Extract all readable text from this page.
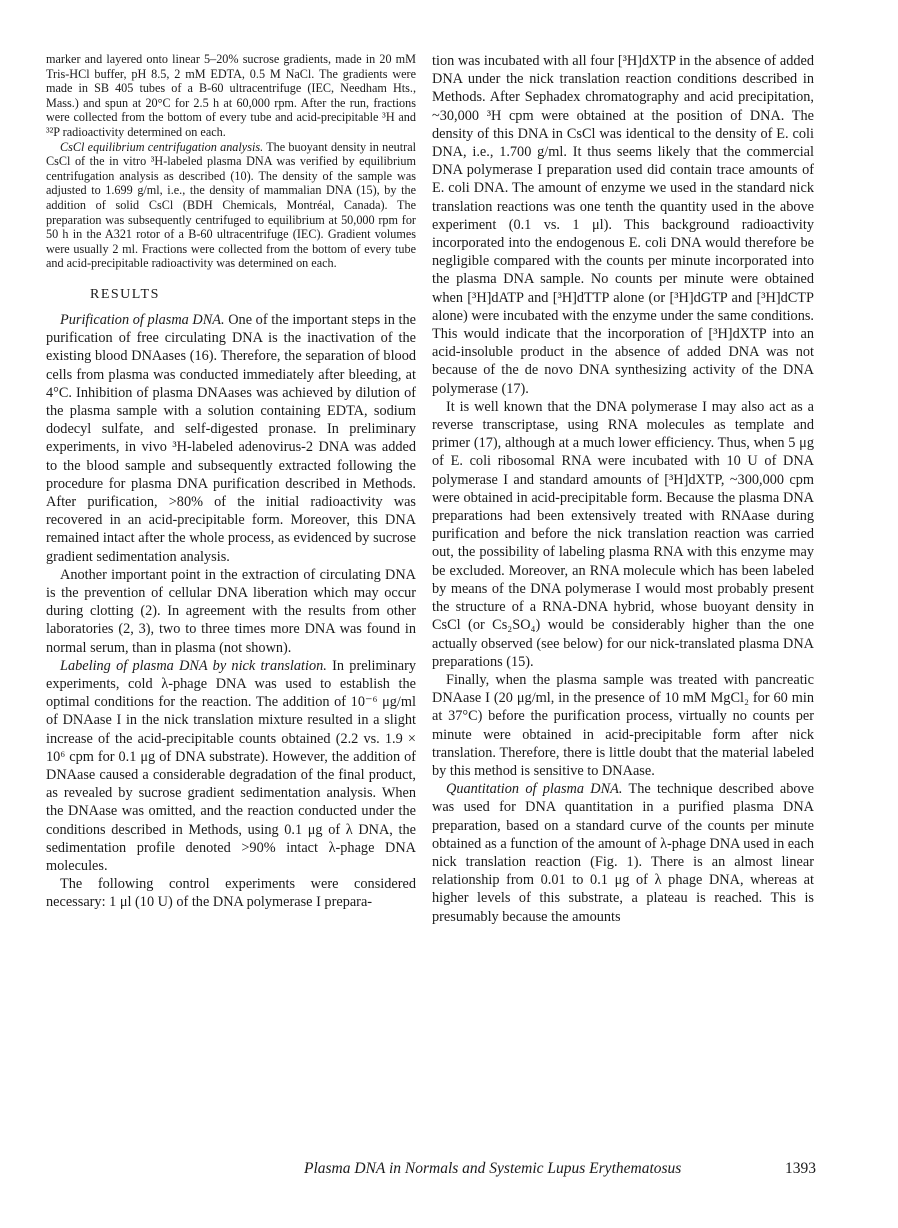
marker and layered onto linear 5–20% sucrose gradients, made in 20 mM Tris-HCl buffer, pH 8.5, 2 mM EDTA, 0.5 M NaCl. The gradients were made in SB 405 tubes of a B-60 ultracentrifuge (IEC, Needham Hts., Mass.) and spun at 20°C for 2.5 h at 60,000 rpm. After the run, fractions were collected from the bottom of every tube and acid-precipitable ³H and ³²P radioactivity determined on each.

CsCl equilibrium centrifugation analysis. The buoyant density in neutral CsCl of the in vitro ³H-labeled plasma DNA was verified by equilibrium centrifugation analysis as described (10). The density of the sample was adjusted to 1.699 g/ml, i.e., the density of mammalian DNA (15), by the addition of solid CsCl (BDH Chemicals, Montréal, Canada). The preparation was subsequently centrifuged to equilibrium at 50,000 rpm for 50 h in the A321 rotor of a B-60 ultracentrifuge (IEC). Gradient volumes were usually 2 ml. Fractions were collected from the bottom of every tube and acid-precipitable radioactivity was determined on each.

RESULTS

Purification of plasma DNA. One of the important steps in the purification of free circulating DNA is the inactivation of the existing blood DNAases (16). Therefore, the separation of blood cells from plasma was conducted immediately after bleeding, at 4°C. Inhibition of plasma DNAases was achieved by dilution of the plasma sample with a solution containing EDTA, sodium dodecyl sulfate, and self-digested pronase. In preliminary experiments, in vivo ³H-labeled adenovirus-2 DNA was added to the blood sample and subsequently extracted following the procedure for plasma DNA purification described in Methods. After purification, >80% of the initial radioactivity was recovered in an acid-precipitable form. Moreover, this DNA remained intact after the whole process, as evidenced by sucrose gradient sedimentation analysis.

Another important point in the extraction of circulating DNA is the prevention of cellular DNA liberation which may occur during clotting (2). In agreement with the results from other laboratories (2, 3), two to three times more DNA was found in normal serum, than in plasma (not shown).

Labeling of plasma DNA by nick translation. In preliminary experiments, cold λ-phage DNA was used to establish the optimal conditions for the reaction. The addition of 10⁻⁶ μg/ml of DNAase I in the nick translation mixture resulted in a slight increase of the acid-precipitable counts obtained (2.2 vs. 1.9 × 10⁶ cpm for 0.1 μg of DNA substrate). However, the addition of DNAase caused a considerable degradation of the final product, as revealed by sucrose gradient sedimentation analysis. When the DNAase was omitted, and the reaction conducted under the conditions described in Methods, using 0.1 μg of λ DNA, the sedimentation profile denoted >90% intact λ-phage DNA molecules.

The following control experiments were considered necessary: 1 μl (10 U) of the DNA polymerase I prepara-

tion was incubated with all four [³H]dXTP in the absence of added DNA under the nick translation reaction conditions described in Methods. After Sephadex chromatography and acid precipitation, ~30,000 ³H cpm were obtained at the position of DNA. The density of this DNA in CsCl was identical to the density of E. coli DNA, i.e., 1.700 g/ml. It thus seems likely that the commercial DNA polymerase I preparation used did contain trace amounts of E. coli DNA. The amount of enzyme we used in the standard nick translation reactions was one tenth the quantity used in the above experiment (0.1 vs. 1 μl). This background radioactivity incorporated into the endogenous E. coli DNA would therefore be negligible compared with the counts per minute incorporated into the plasma DNA sample. No counts per minute were obtained when [³H]dATP and [³H]dTTP alone (or [³H]dGTP and [³H]dCTP alone) were incubated with the enzyme under the same conditions. This would indicate that the incorporation of [³H]dXTP into an acid-insoluble product in the absence of added DNA was not because of the de novo DNA synthesizing activity of the DNA polymerase (17).

It is well known that the DNA polymerase I may also act as a reverse transcriptase, using RNA molecules as template and primer (17), although at a much lower efficiency. Thus, when 5 μg of E. coli ribosomal RNA were incubated with 10 U of DNA polymerase I and standard amounts of [³H]dXTP, ~300,000 cpm were obtained in acid-precipitable form. Because the plasma DNA preparations had been extensively treated with RNAase during purification and before the nick translation reaction was carried out, the possibility of labeling plasma RNA with this enzyme may be excluded. Moreover, an RNA molecule which has been labeled by means of the DNA polymerase I would most probably present the structure of a RNA-DNA hybrid, whose buoyant density in CsCl (or Cs₂SO₄) would be considerably higher than the one actually observed (see below) for our nick-translated plasma DNA preparations (15).

Finally, when the plasma sample was treated with pancreatic DNAase I (20 μg/ml, in the presence of 10 mM MgCl₂ for 60 min at 37°C) before the purification process, virtually no counts per minute were obtained in acid-precipitable form after nick translation. Therefore, there is little doubt that the material labeled by this method is sensitive to DNAase.

Quantitation of plasma DNA. The technique described above was used for DNA quantitation in a purified plasma DNA preparation, based on a standard curve of the counts per minute obtained as a function of the amount of λ-phage DNA used in each nick translation reaction (Fig. 1). There is an almost linear relationship from 0.01 to 0.1 μg of λ phage DNA, whereas at higher levels of this substrate, a plateau is reached. This is presumably because the amounts

Plasma DNA in Normals and Systemic Lupus Erythematosus	1393
